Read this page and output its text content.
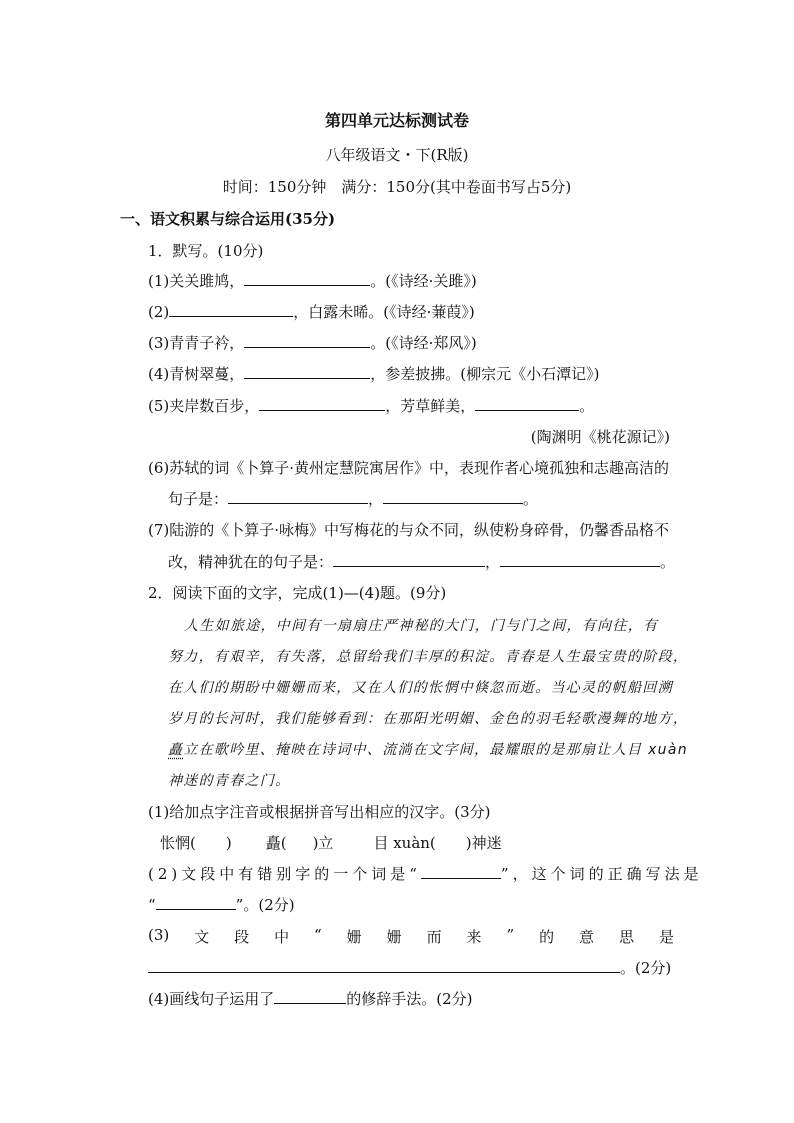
第四单元达标测试卷
八年级语文・下(R版)
时间：150分钟　满分：150分(其中卷面书写占5分)
一、语文积累与综合运用(35分)
1．默写。(10分)
(1)关关雎鸠，	。(《诗经·关雎》)
(2)	，白露未晞。(《诗经·蒹葭》)
(3)青青子衿，	。(《诗经·郑风》)
(4)青树翠蔓，	，参差披拂。(柳宗元《小石潭记》)
(5)夹岸数百步，	，芳草鲜美，	。
(陶渊明《桃花源记》)
(6)苏轼的词《卜算子·黄州定慧院寓居作》中，表现作者心境孤独和志趣高洁的
句子是：	，	。
(7)陆游的《卜算子·咏梅》中写梅花的与众不同，纵使粉身碎骨，仍馨香品格不
改，精神犹在的句子是：	，	。
2．阅读下面的文字，完成(1)—(4)题。(9分)
人生如旅途，中间有一扇扇庄严神秘的大门，门与门之间，有向往，有
努力，有艰辛，有失落，总留给我们丰厚的积淀。青春是人生最宝贵的阶段，
在人们的期盼中姗姗而来，又在人们的怅惘中倏忽而逝。当心灵的帆船回溯
岁月的长河时，我们能够看到：在那阳光明媚、金色的羽毛轻歌漫舞的地方，
矗立在歌吟里、掩映在诗词中、流淌在文字间，最耀眼的是那扇让人目 xuàn
神迷的青春之门。
(1)给加点字注音或根据拼音写出相应的汉字。(3分)
怅惘( ) 矗( )立	目 xuàn( )神迷
(2)文段中有错别字的一个词是“	”，这个词的正确写法是
“	”。(2分)
(3) 文 段 中 “ 姗 姗 而 来 ” 的 意 思 是
。(2分)
(4)画线句子运用了	的修辞手法。(2分)
